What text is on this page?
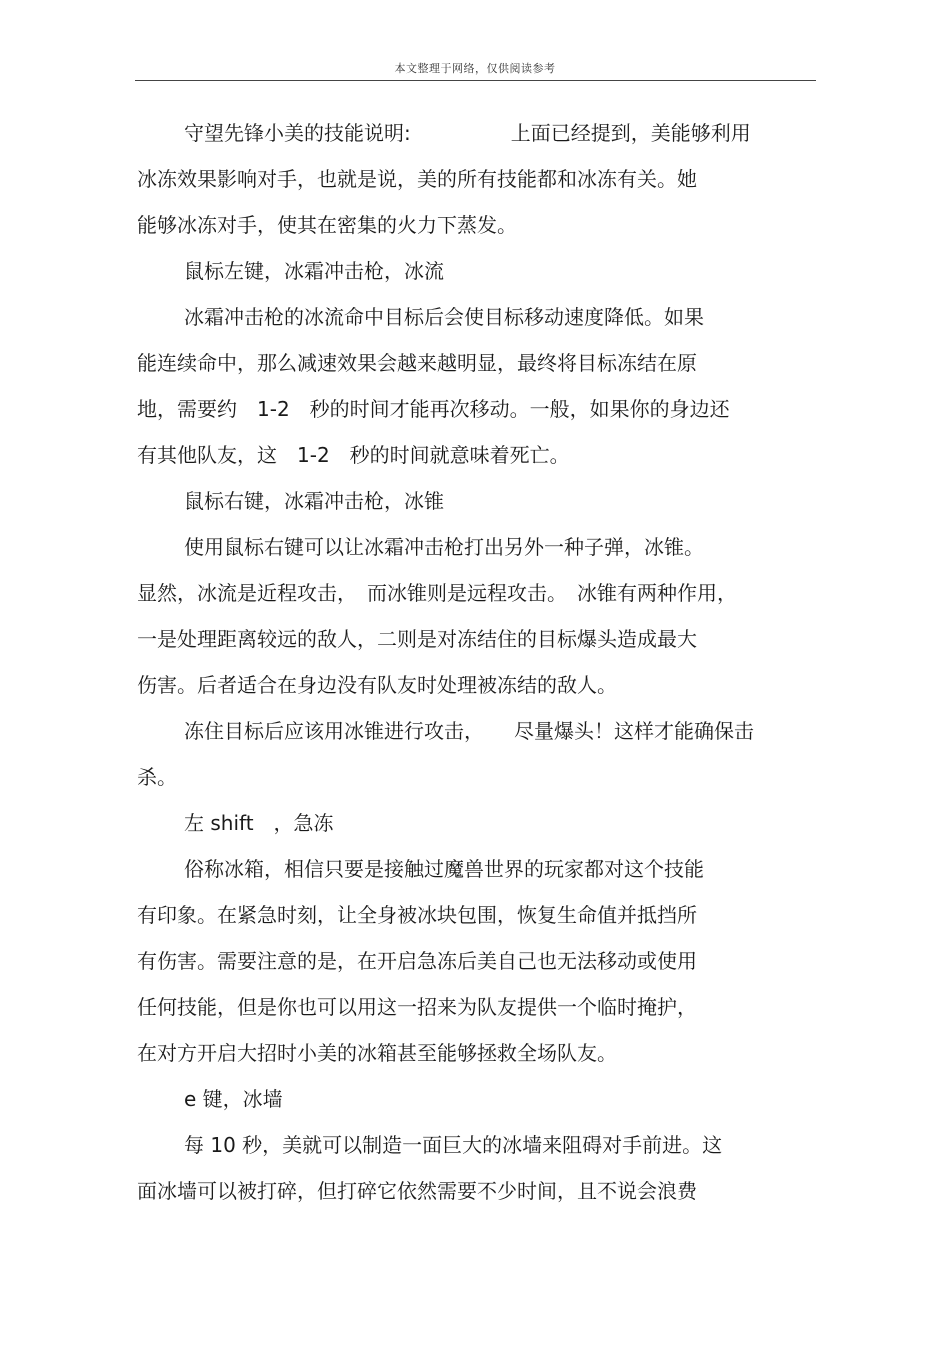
本文整理于网络，仅供阅读参考
守望先锋小美的技能说明:　　　　　上面已经提到，美能够利用
冰冻效果影响对手，也就是说，美的所有技能都和冰冻有关。她
能够冰冻对手，使其在密集的火力下蒸发。
鼠标左键，冰霜冲击枪，冰流
冰霜冲击枪的冰流命中目标后会使目标移动速度降低。如果
能连续命中，那么减速效果会越来越明显，最终将目标冻结在原
地，需要约　1-2　秒的时间才能再次移动。一般，如果你的身边还
有其他队友，这　1-2　秒的时间就意味着死亡。
鼠标右键，冰霜冲击枪，冰锥
使用鼠标右键可以让冰霜冲击枪打出另外一种子弹，冰锥。
显然，冰流是近程攻击，　而冰锥则是远程攻击。　冰锥有两种作用，
一是处理距离较远的敌人，二则是对冻结住的目标爆头造成最大
伤害。后者适合在身边没有队友时处理被冻结的敌人。
冻住目标后应该用冰锥进行攻击，　　尽量爆头！这样才能确保击
杀。
左 shift　，急冻
俗称冰箱，相信只要是接触过魔兽世界的玩家都对这个技能
有印象。在紧急时刻，让全身被冰块包围，恢复生命值并抵挡所
有伤害。需要注意的是，在开启急冻后美自己也无法移动或使用
任何技能，但是你也可以用这一招来为队友提供一个临时掩护，
在对方开启大招时小美的冰箱甚至能够拯救全场队友。
e 键，冰墙
每 10 秒，美就可以制造一面巨大的冰墙来阻碍对手前进。这
面冰墙可以被打碎，但打碎它依然需要不少时间，且不说会浪费
